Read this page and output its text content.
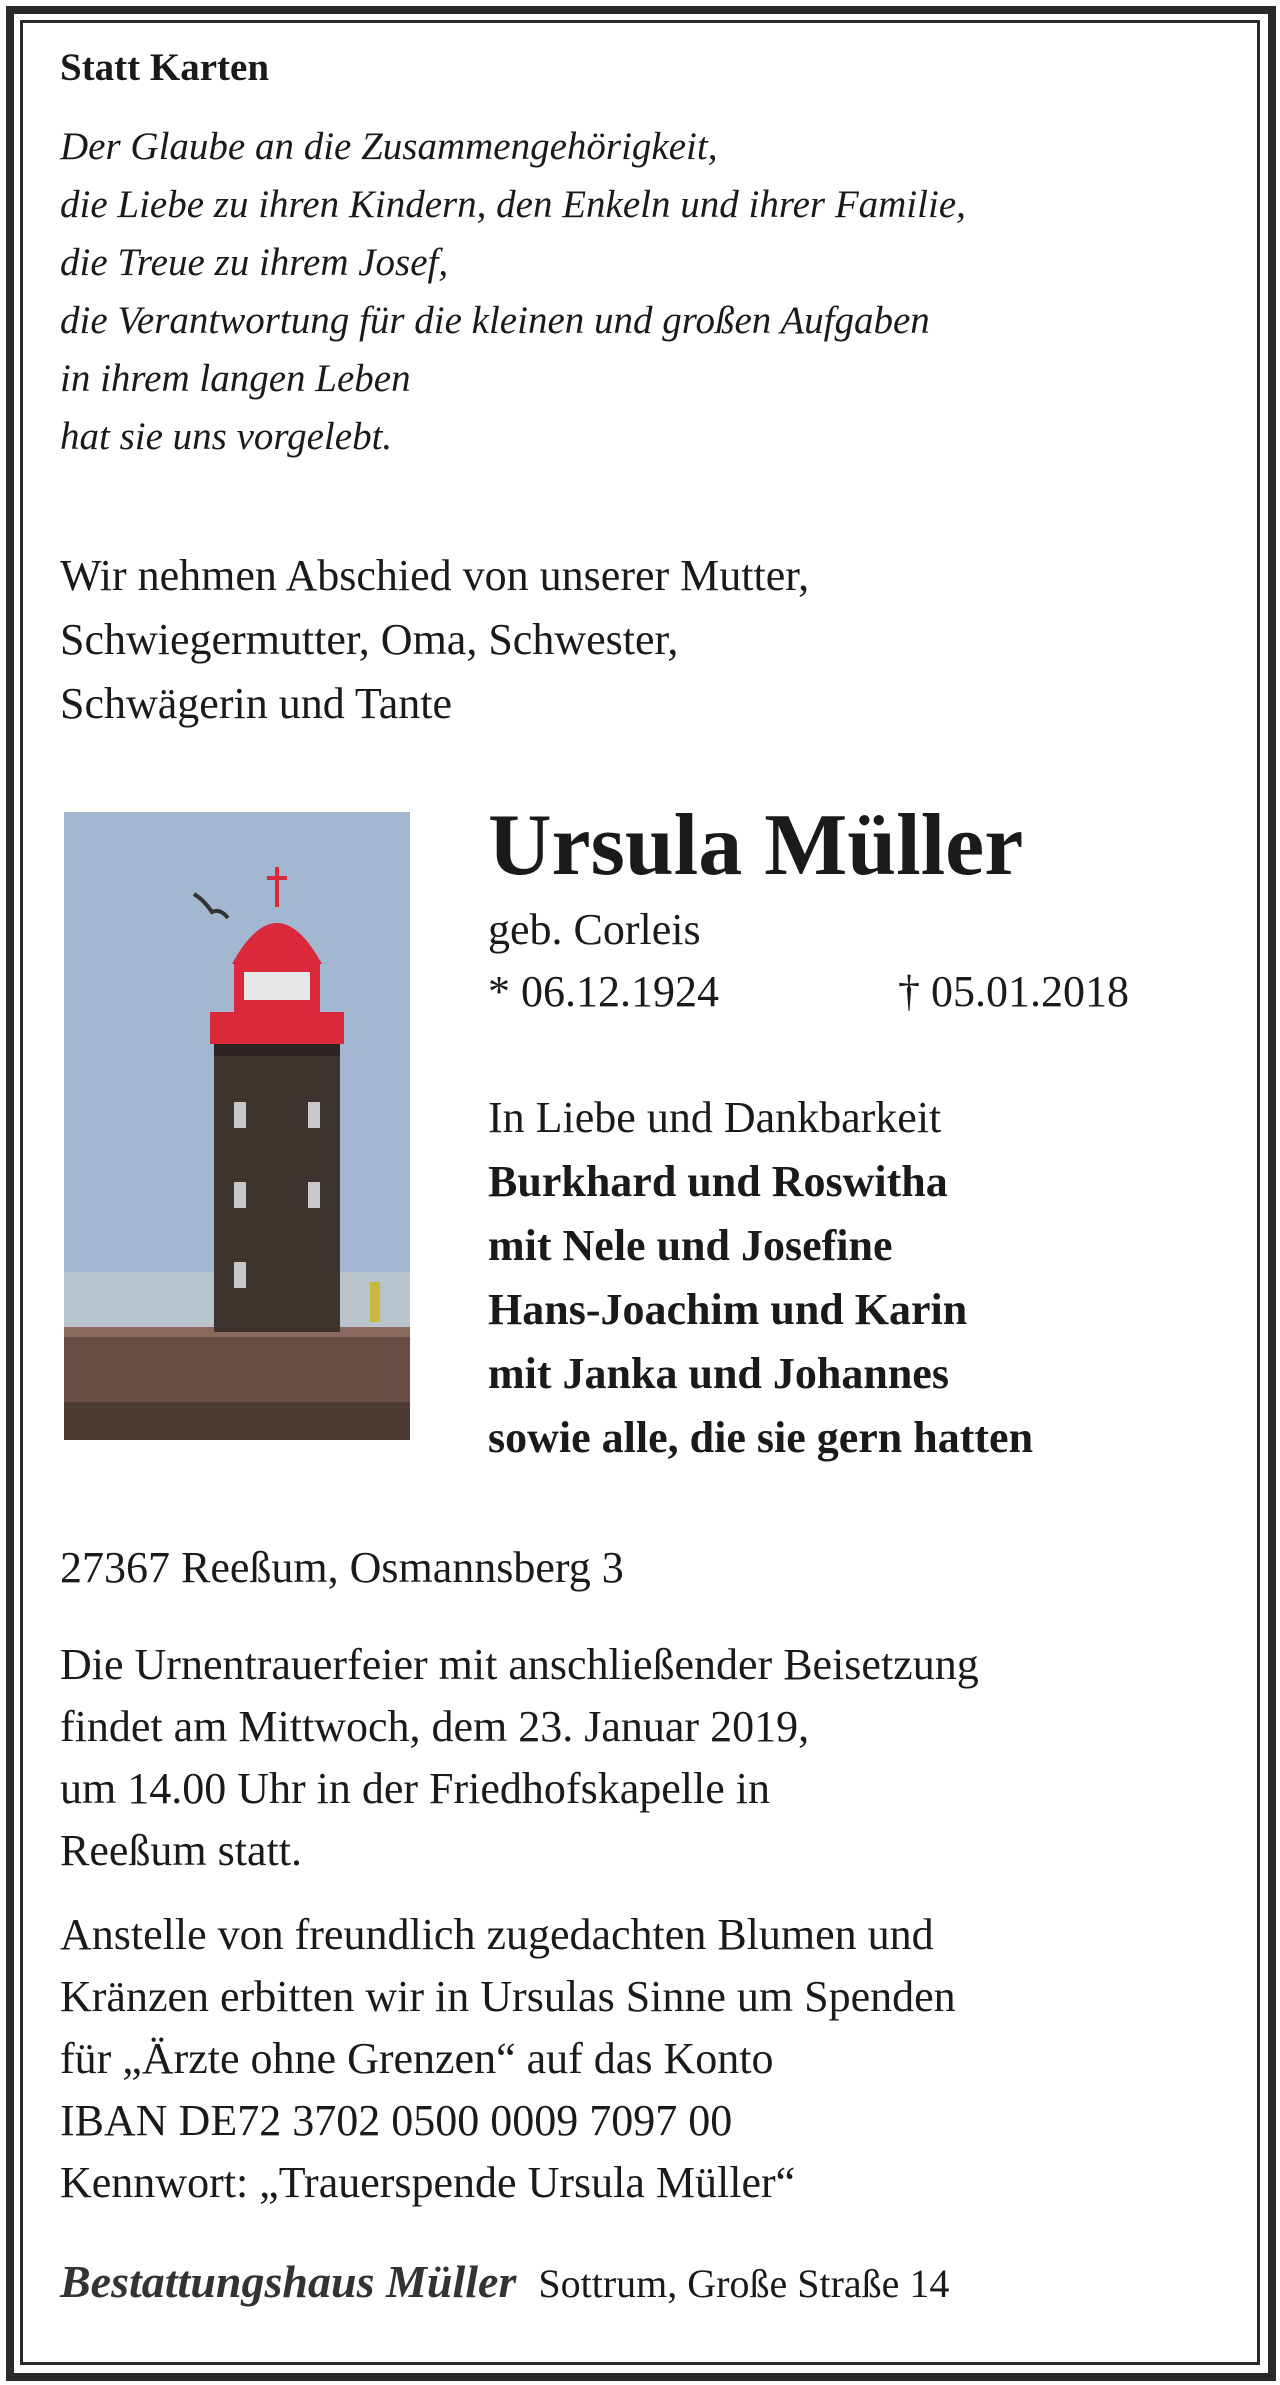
Statt Karten
Der Glaube an die Zusammengehörigkeit,
die Liebe zu ihren Kindern, den Enkeln und ihrer Familie,
die Treue zu ihrem Josef,
die Verantwortung für die kleinen und großen Aufgaben
in ihrem langen Leben
hat sie uns vorgelebt.
Wir nehmen Abschied von unserer Mutter,
Schwiegermutter, Oma, Schwester,
Schwägerin und Tante
Ursula Müller
geb. Corleis
* 06.12.1924	† 05.01.2018
In Liebe und Dankbarkeit
Burkhard und Roswitha
mit Nele und Josefine
Hans-Joachim und Karin
mit Janka und Johannes
sowie alle, die sie gern hatten
27367 Reeßum, Osmannsberg 3
Die Urnentrauerfeier mit anschließender Beisetzung
findet am Mittwoch, dem 23. Januar 2019,
um 14.00 Uhr in der Friedhofskapelle in
Reeßum statt.
Anstelle von freundlich zugedachten Blumen und
Kränzen erbitten wir in Ursulas Sinne um Spenden
für „Ärzte ohne Grenzen“ auf das Konto
IBAN DE72 3702 0500 0009 7097 00
Kennwort: „Trauerspende Ursula Müller“
Bestattungshaus Müller Sottrum, Große Straße 14
